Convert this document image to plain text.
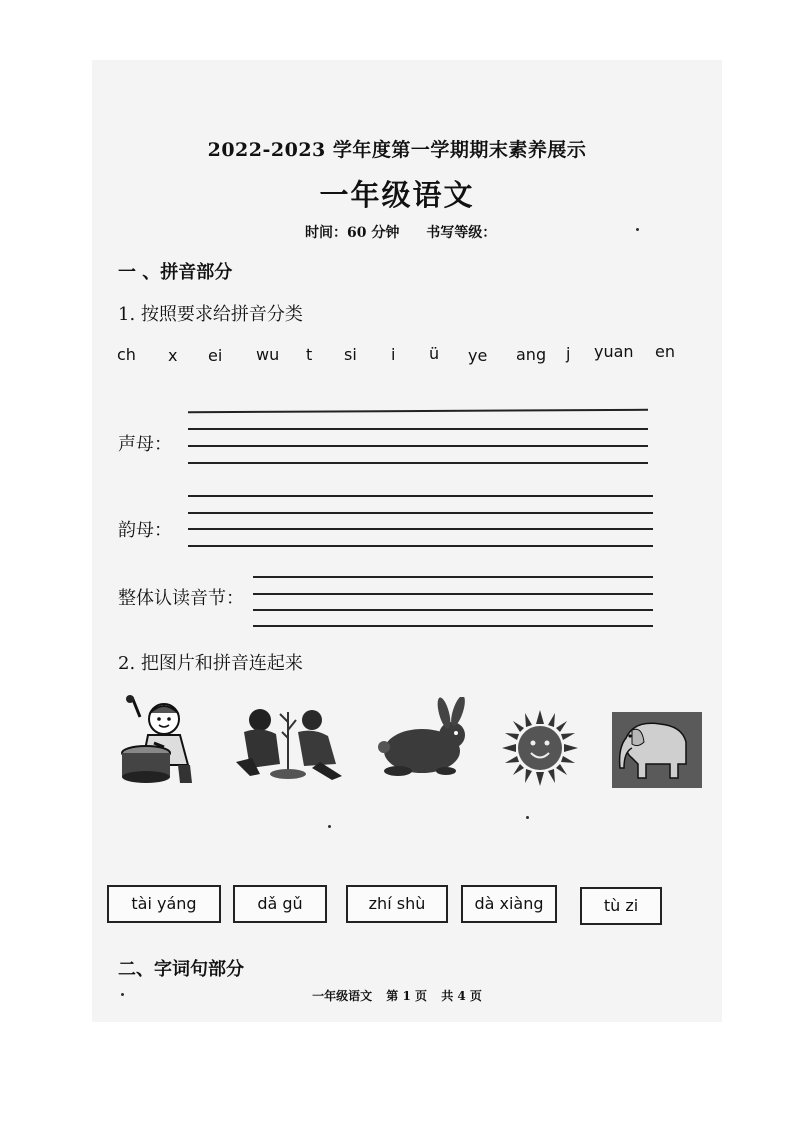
2022-2023 学年度第一学期期末素养展示
一年级语文
时间：60 分钟 书写等级：
一 、拼音部分
1. 按照要求给拼音分类
ch x ei wu t si i ü ye ang j yuan en
声母：
韵母：
整体认读音节：
2. 把图片和拼音连起来
tài yáng	dǎ gǔ	zhí shù	dà xiàng	tù zi
二、字词句部分
一年级语文 第 1 页 共 4 页
